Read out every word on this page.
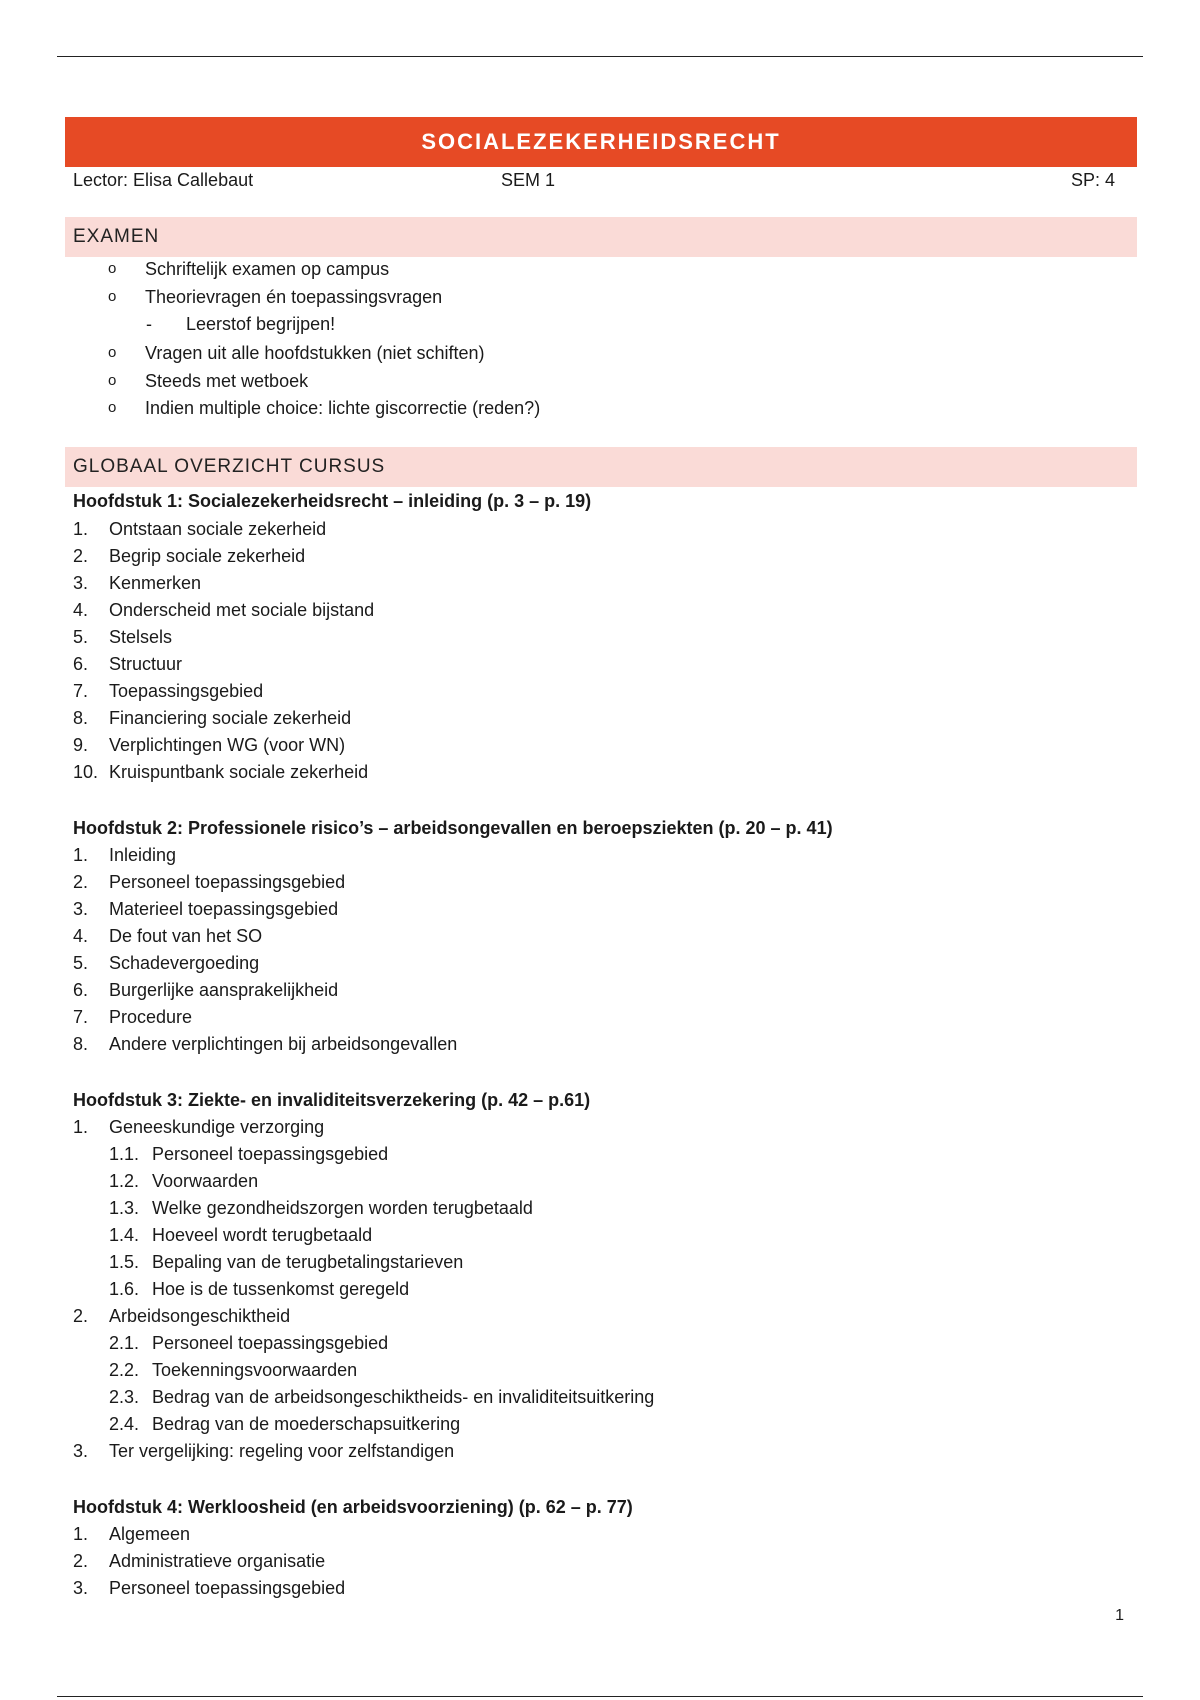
SOCIALEZEKERHEIDSRECHT
Lector: Elisa Callebaut	SEM 1	SP: 4
EXAMEN
o Schriftelijk examen op campus
o Theorievragen én toepassingsvragen
- Leerstof begrijpen!
o Vragen uit alle hoofdstukken (niet schiften)
o Steeds met wetboek
o Indien multiple choice: lichte giscorrectie (reden?)
GLOBAAL OVERZICHT CURSUS
Hoofdstuk 1: Socialezekerheidsrecht – inleiding (p. 3 – p. 19)
1. Ontstaan sociale zekerheid
2. Begrip sociale zekerheid
3. Kenmerken
4. Onderscheid met sociale bijstand
5. Stelsels
6. Structuur
7. Toepassingsgebied
8. Financiering sociale zekerheid
9. Verplichtingen WG (voor WN)
10. Kruispuntbank sociale zekerheid
Hoofdstuk 2: Professionele risico’s – arbeidsongevallen en beroepsziekten (p. 20 – p. 41)
1. Inleiding
2. Personeel toepassingsgebied
3. Materieel toepassingsgebied
4. De fout van het SO
5. Schadevergoeding
6. Burgerlijke aansprakelijkheid
7. Procedure
8. Andere verplichtingen bij arbeidsongevallen
Hoofdstuk 3: Ziekte- en invaliditeitsverzekering (p. 42 – p.61)
1. Geneeskundige verzorging
1.1. Personeel toepassingsgebied
1.2. Voorwaarden
1.3. Welke gezondheidszorgen worden terugbetaald
1.4. Hoeveel wordt terugbetaald
1.5. Bepaling van de terugbetalingstarieven
1.6. Hoe is de tussenkomst geregeld
2. Arbeidsongeschiktheid
2.1. Personeel toepassingsgebied
2.2. Toekenningsvoorwaarden
2.3. Bedrag van de arbeidsongeschiktheids- en invaliditeitsuitkering
2.4. Bedrag van de moederschapsuitkering
3. Ter vergelijking: regeling voor zelfstandigen
Hoofdstuk 4: Werkloosheid (en arbeidsvoorziening) (p. 62 – p. 77)
1. Algemeen
2. Administratieve organisatie
3. Personeel toepassingsgebied
1
